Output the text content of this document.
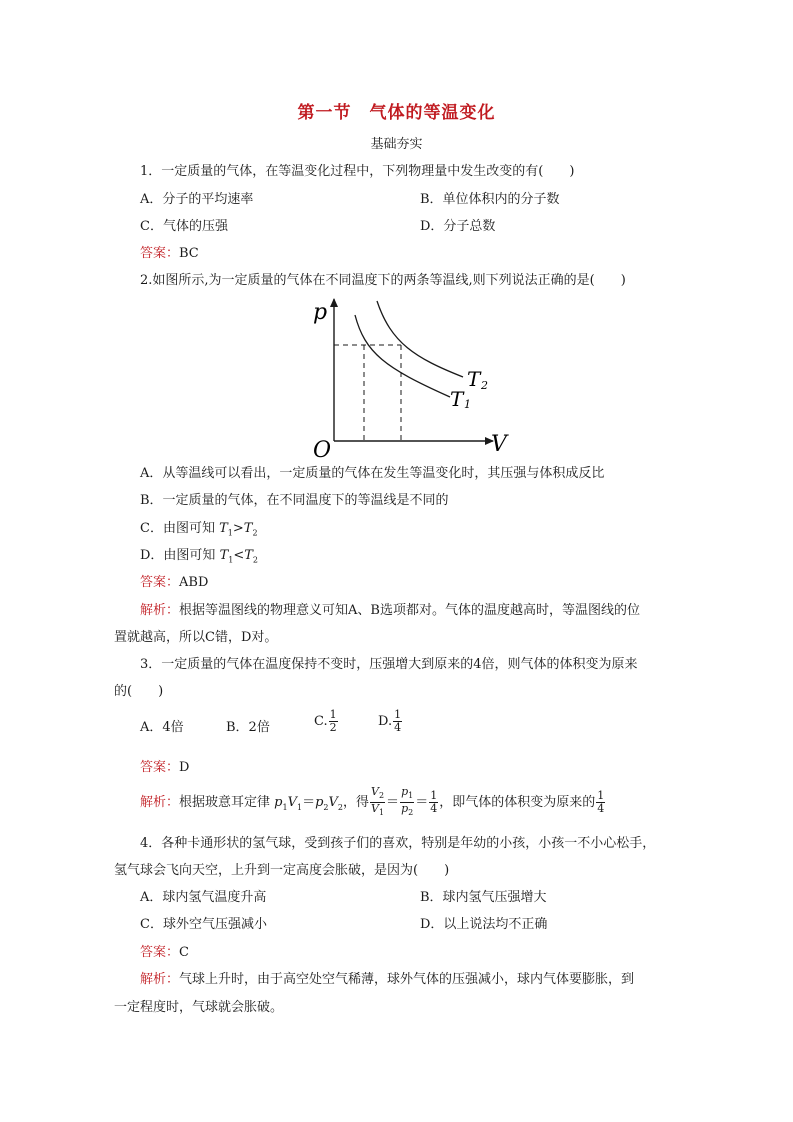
第一节　气体的等温变化
基础夯实
1．一定质量的气体，在等温变化过程中，下列物理量中发生改变的有(　　)
A．分子的平均速率	B．单位体积内的分子数
C．气体的压强	D．分子总数
答案：BC
2.如图所示,为一定质量的气体在不同温度下的两条等温线,则下列说法正确的是(　　)
p
V
O
T 2
T 1
A．从等温线可以看出，一定质量的气体在发生等温变化时，其压强与体积成反比
B．一定质量的气体，在不同温度下的等温线是不同的
C．由图可知 $T_1>T_2$
D．由图可知 $T_1<T_2$
答案：ABD
解析：根据等温图线的物理意义可知A、B选项都对。气体的温度越高时，等温图线的位
置就越高，所以C错，D对。
3．一定质量的气体在温度保持不变时，压强增大到原来的4倍，则气体的体积变为原来
的(　　)
A．4倍	B．2倍	C. $\frac{1}{2}$	D. $\frac{1}{4}$
答案：D
解析：根据玻意耳定律 $p_1V_1=p_2V_2$，得 $\frac{V_2}{V_1} = \frac{p_1}{p_2} = \frac{1}{4}$ ，即气体的体积变为原来的 $\frac{1}{4}$
4．各种卡通形状的氢气球，受到孩子们的喜欢，特别是年幼的小孩，小孩一不小心松手，
氢气球会飞向天空，上升到一定高度会胀破，是因为(　　)
A．球内氢气温度升高	B．球内氢气压强增大
C．球外空气压强减小	D．以上说法均不正确
答案：C
解析：气球上升时，由于高空处空气稀薄，球外气体的压强减小，球内气体要膨胀，到
一定程度时，气球就会胀破。
